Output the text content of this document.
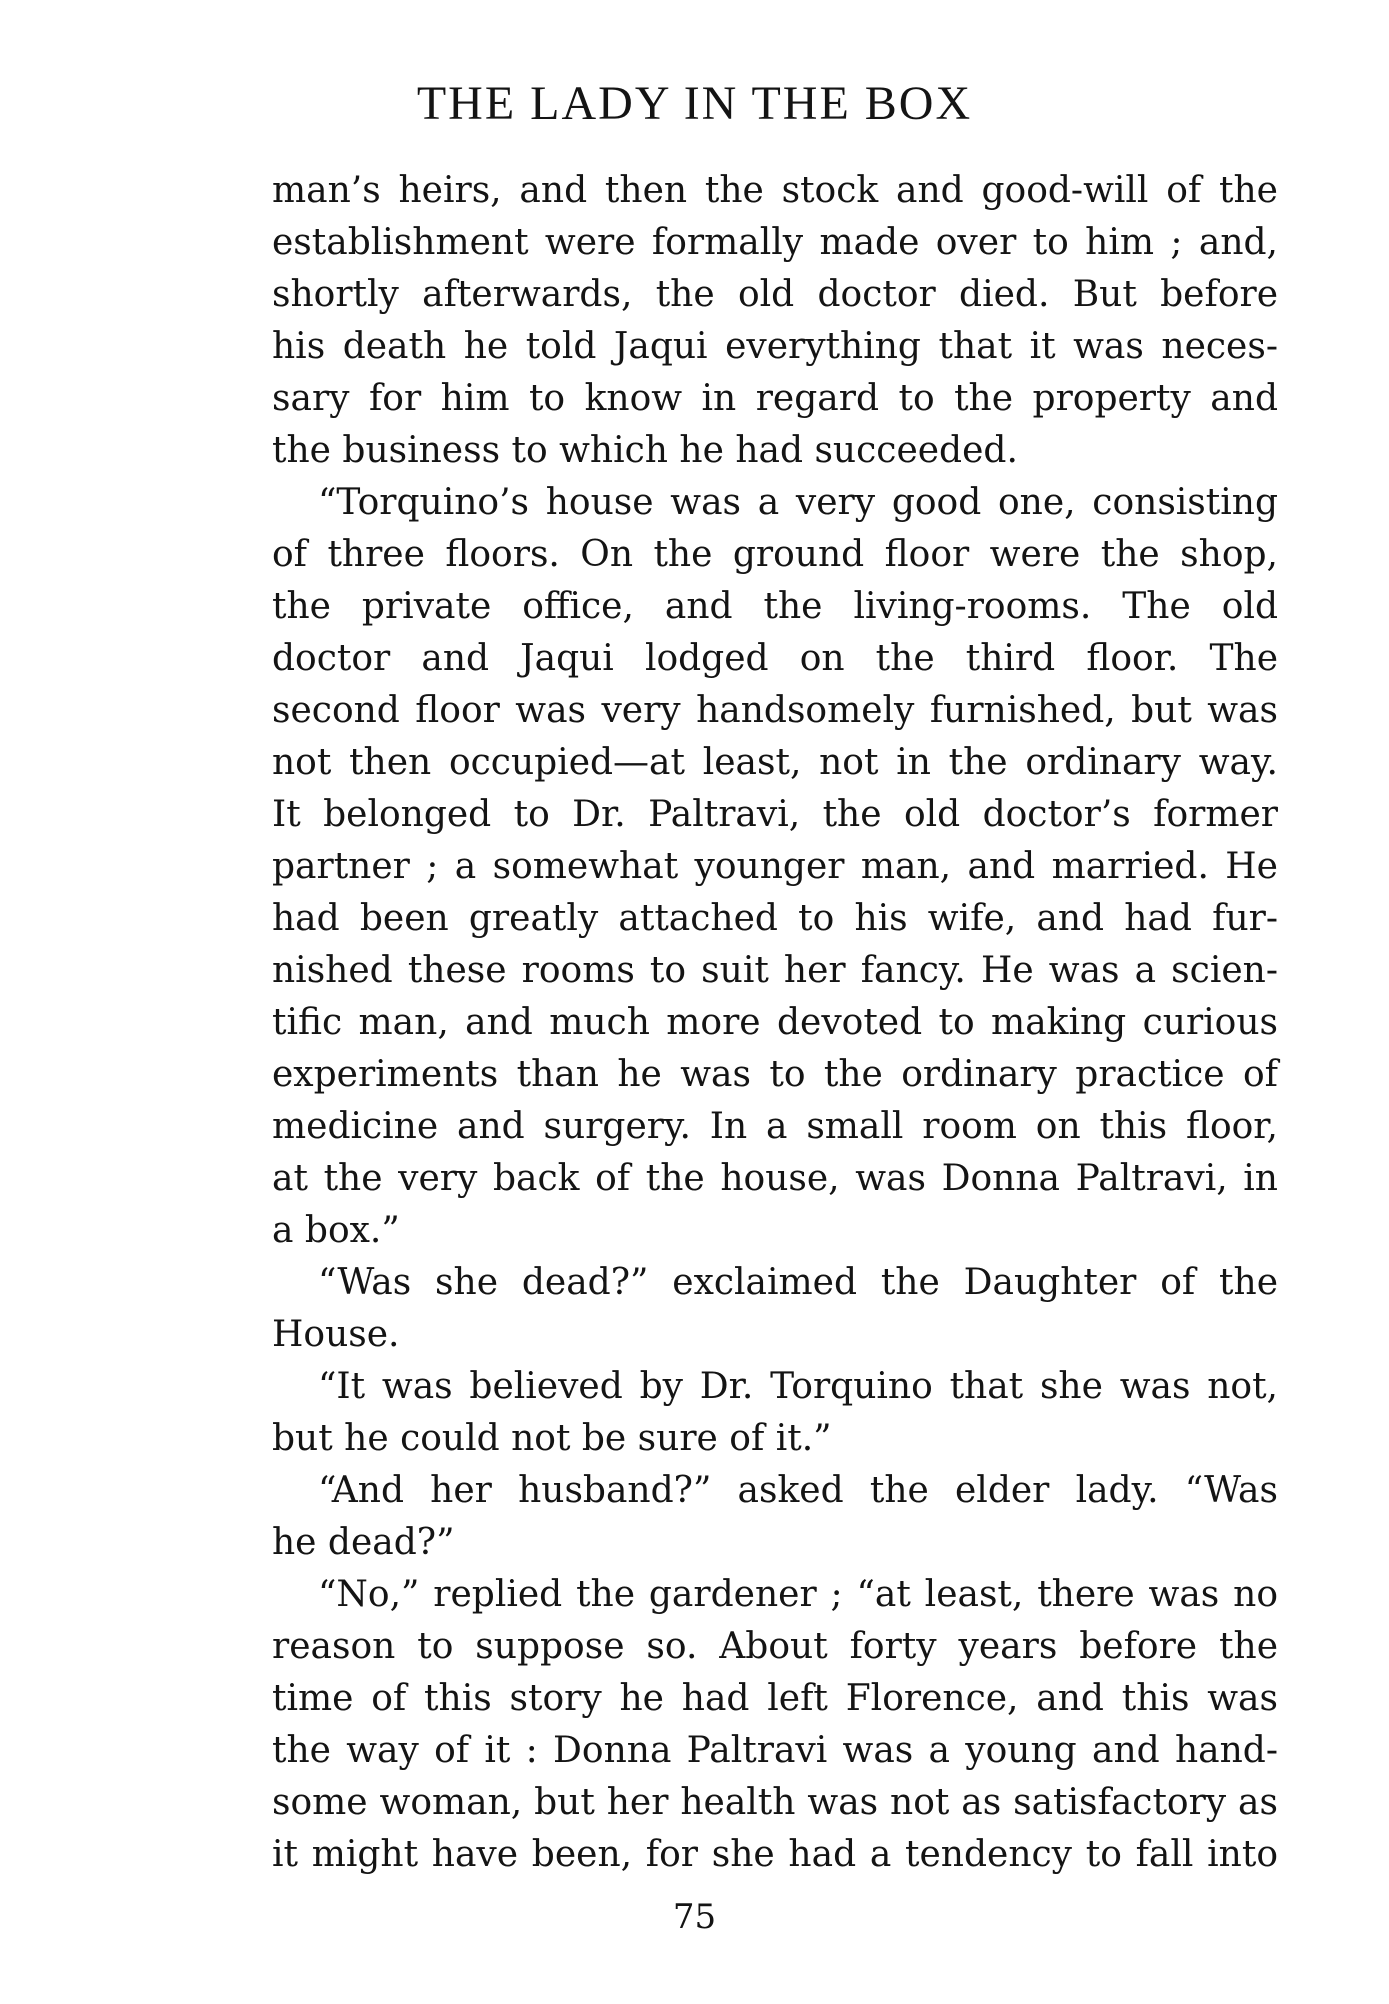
THE LADY IN THE BOX
man’s heirs, and then the stock and good-will of the
establishment were formally made over to him ; and,
shortly afterwards, the old doctor died. But before
his death he told Jaqui everything that it was neces-
sary for him to know in regard to the property and
the business to which he had succeeded.
“Torquino’s house was a very good one, consisting
of three floors. On the ground floor were the shop,
the private office, and the living-rooms. The old
doctor and Jaqui lodged on the third floor. The
second floor was very handsomely furnished, but was
not then occupied—at least, not in the ordinary way.
It belonged to Dr. Paltravi, the old doctor’s former
partner ; a somewhat younger man, and married. He
had been greatly attached to his wife, and had fur-
nished these rooms to suit her fancy. He was a scien-
tific man, and much more devoted to making curious
experiments than he was to the ordinary practice of
medicine and surgery. In a small room on this floor,
at the very back of the house, was Donna Paltravi, in
a box.”
“Was she dead?” exclaimed the Daughter of the
House.
“It was believed by Dr. Torquino that she was not,
but he could not be sure of it.”
“And her husband?” asked the elder lady. “Was
he dead?”
“No,” replied the gardener ; “at least, there was no
reason to suppose so. About forty years before the
time of this story he had left Florence, and this was
the way of it : Donna Paltravi was a young and hand-
some woman, but her health was not as satisfactory as
it might have been, for she had a tendency to fall into
75
